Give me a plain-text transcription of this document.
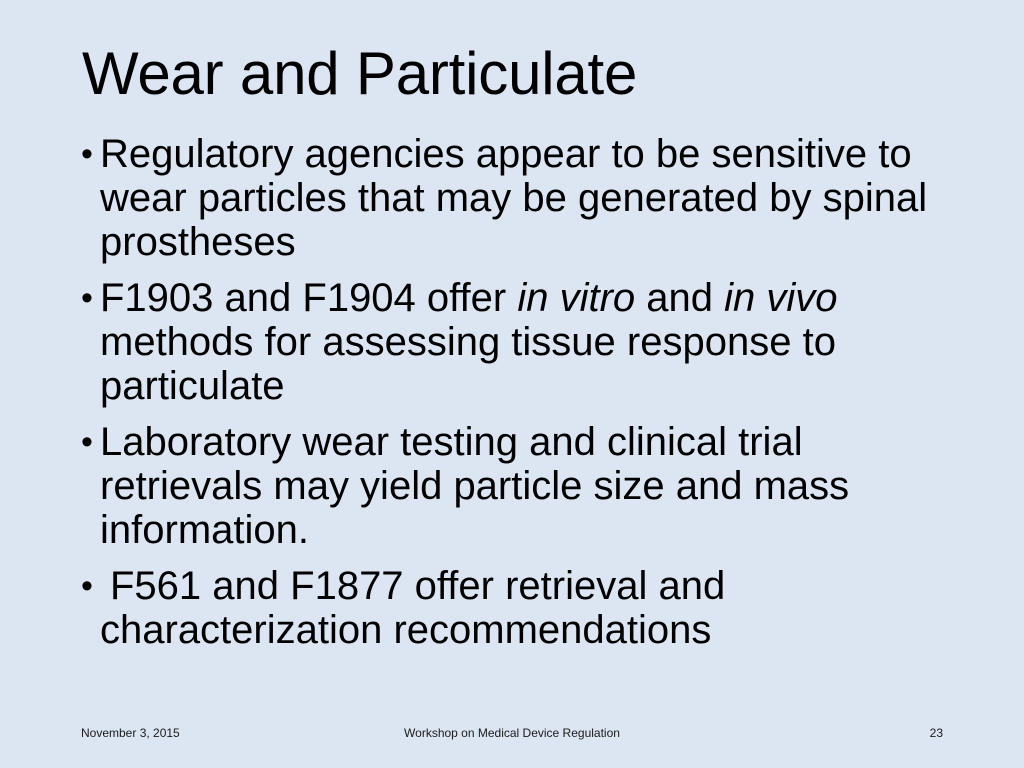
Wear and Particulate
• Regulatory agencies appear to be sensitive to wear particles that may be generated by spinal prostheses
• F1903 and F1904 offer in vitro and in vivo methods for assessing tissue response to particulate
• Laboratory wear testing and clinical trial retrievals may yield particle size and mass information.
• F561 and F1877 offer retrieval and characterization recommendations
November 3, 2015	Workshop on Medical Device Regulation	23
